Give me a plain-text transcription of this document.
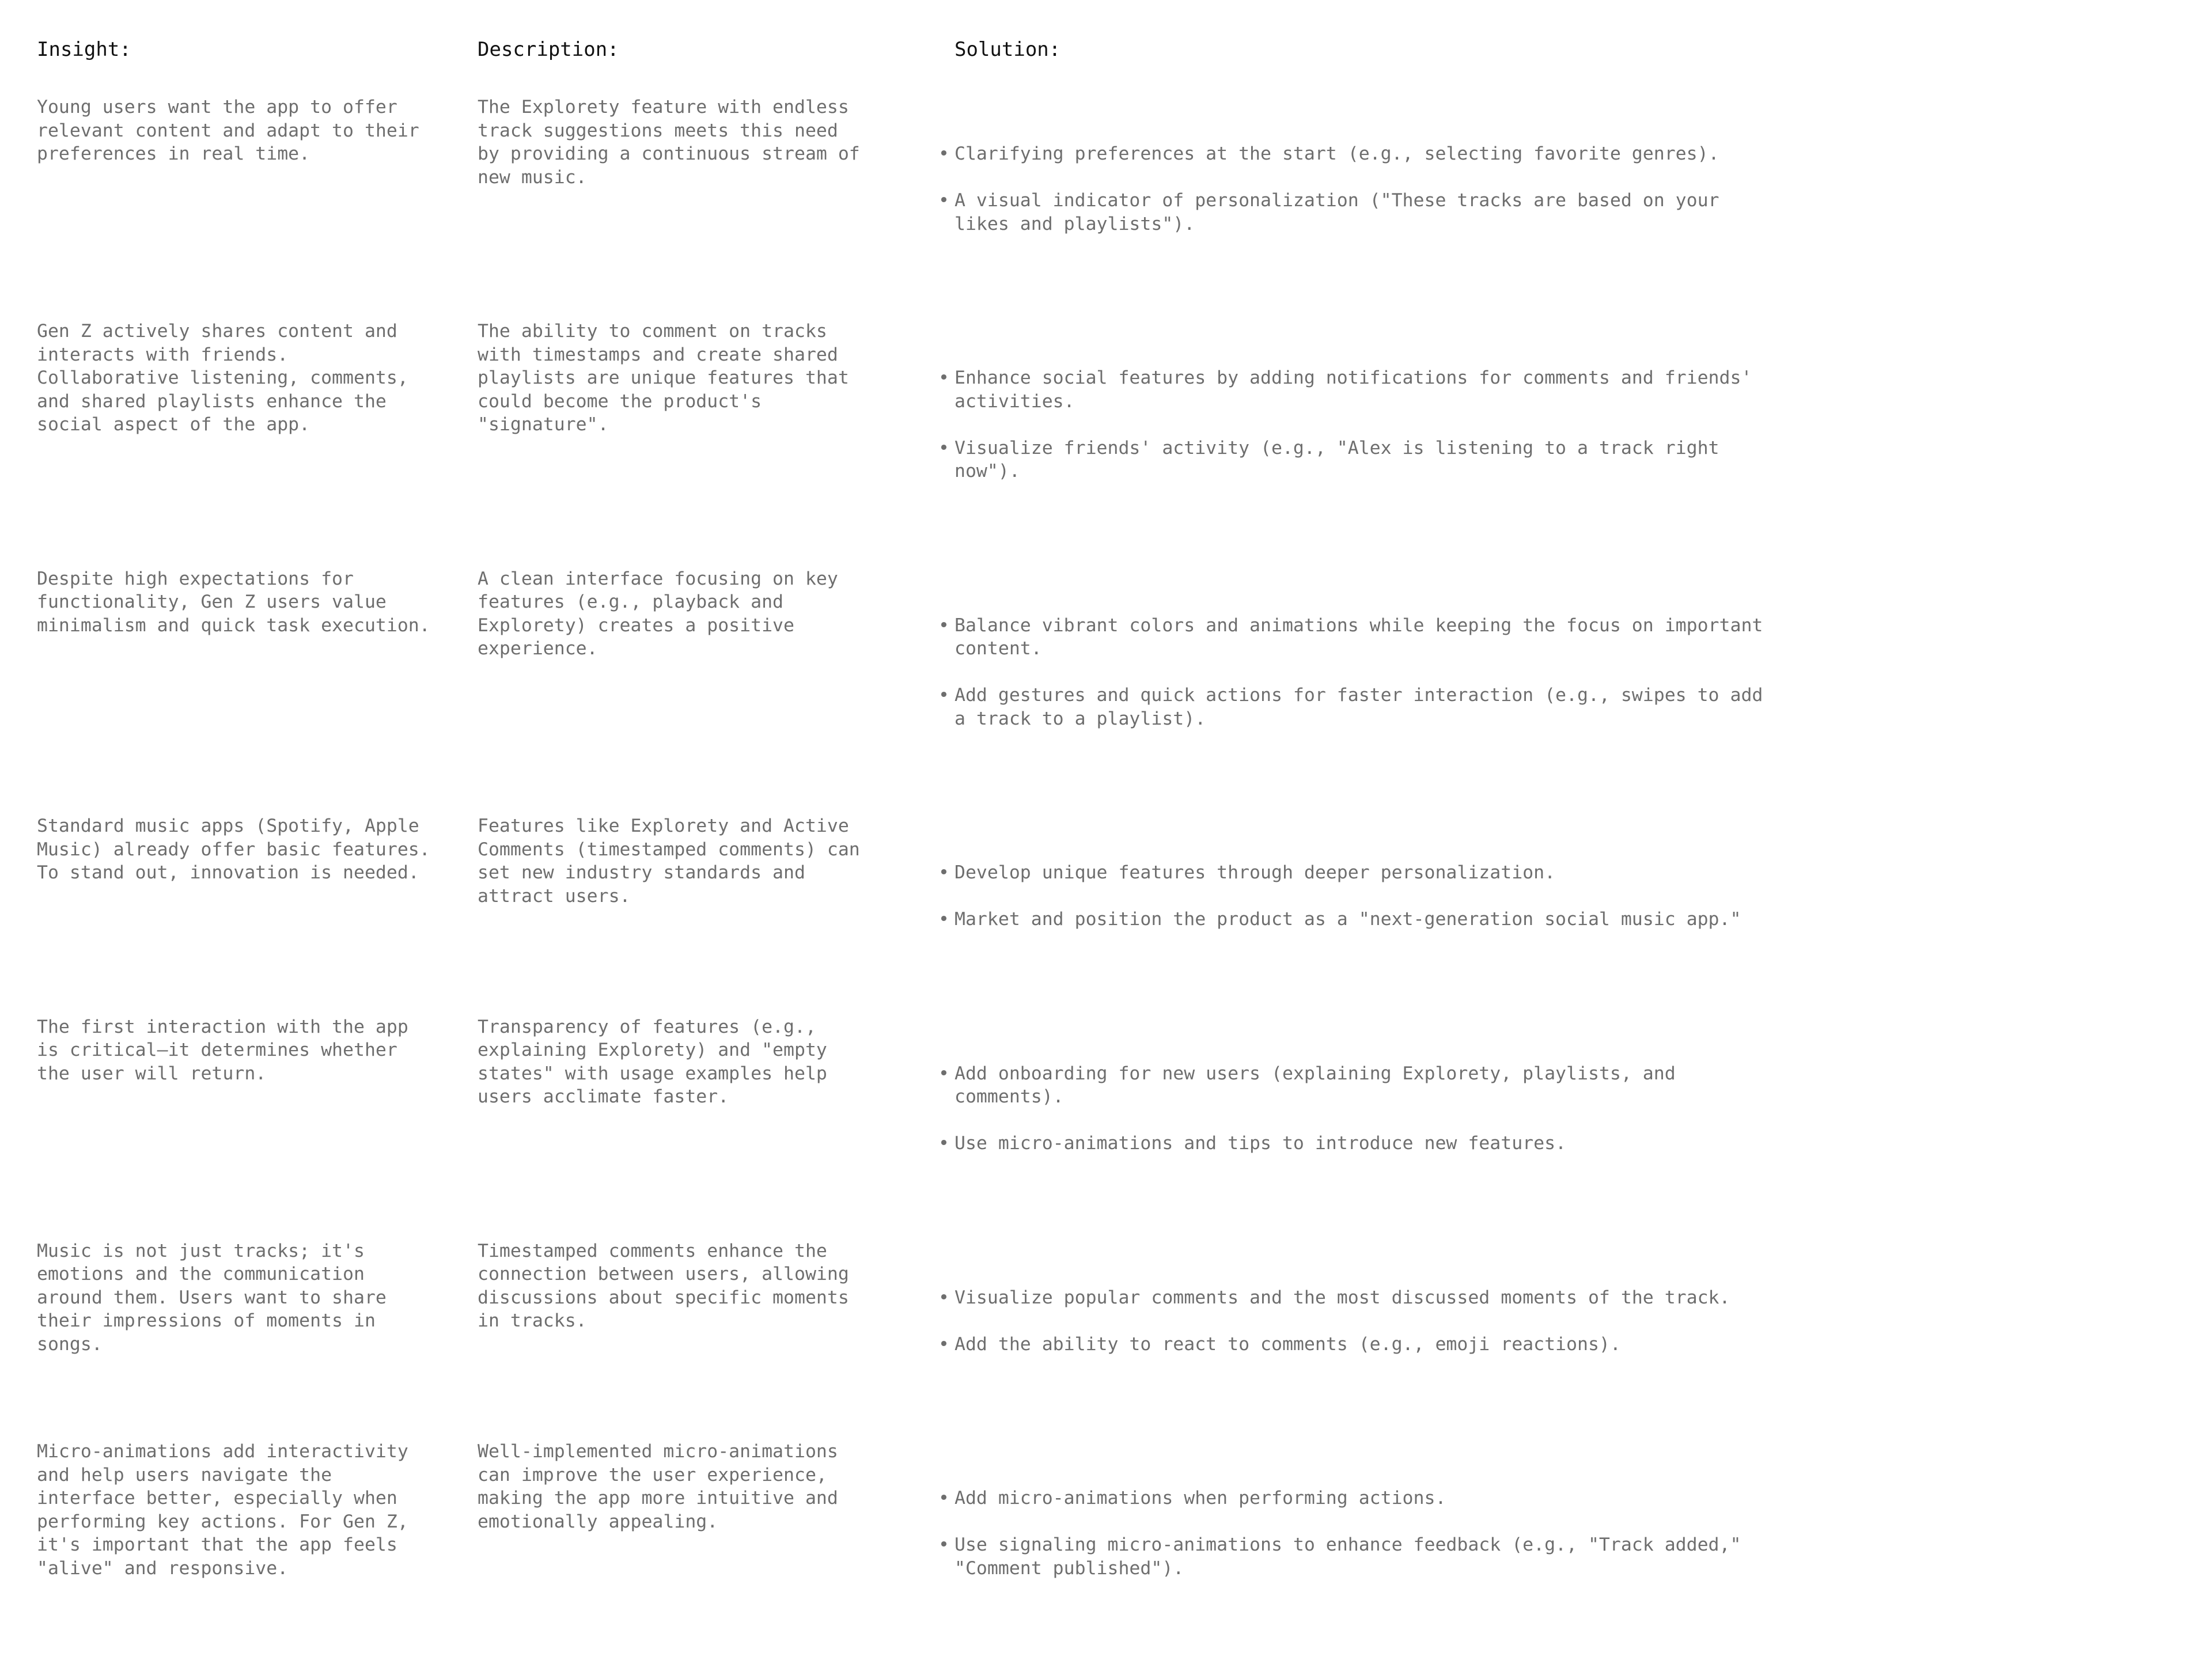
Insight:	Description:	Solution:
Young users want the app to offer
relevant content and adapt to their
preferences in real time.
The Explorety feature with endless
track suggestions meets this need
by providing a continuous stream of
new music.

• Clarifying preferences at the start (e.g., selecting favorite genres).

• A visual indicator of personalization ("These tracks are based on your
likes and playlists").

Gen Z actively shares content and
interacts with friends.
Collaborative listening, comments,
and shared playlists enhance the
social aspect of the app.
The ability to comment on tracks
with timestamps and create shared
playlists are unique features that
could become the product's
"signature".

• Enhance social features by adding notifications for comments and friends'
activities.

• Visualize friends' activity (e.g., "Alex is listening to a track right
now").

Despite high expectations for
functionality, Gen Z users value
minimalism and quick task execution.
A clean interface focusing on key
features (e.g., playback and
Explorety) creates a positive
experience.

• Balance vibrant colors and animations while keeping the focus on important
content.

• Add gestures and quick actions for faster interaction (e.g., swipes to add
a track to a playlist).

Standard music apps (Spotify, Apple
Music) already offer basic features.
To stand out, innovation is needed.
Features like Explorety and Active
Comments (timestamped comments) can
set new industry standards and
attract users.

• Develop unique features through deeper personalization.

• Market and position the product as a "next-generation social music app."

The first interaction with the app
is critical—it determines whether
the user will return.
Transparency of features (e.g.,
explaining Explorety) and "empty
states" with usage examples help
users acclimate faster.

• Add onboarding for new users (explaining Explorety, playlists, and
comments).

• Use micro-animations and tips to introduce new features.

Music is not just tracks; it's
emotions and the communication
around them. Users want to share
their impressions of moments in
songs.
Timestamped comments enhance the
connection between users, allowing
discussions about specific moments
in tracks.

• Visualize popular comments and the most discussed moments of the track.

• Add the ability to react to comments (e.g., emoji reactions).

Micro-animations add interactivity
and help users navigate the
interface better, especially when
performing key actions. For Gen Z,
it's important that the app feels
"alive" and responsive.
Well-implemented micro-animations
can improve the user experience,
making the app more intuitive and
emotionally appealing.

• Add micro-animations when performing actions.

• Use signaling micro-animations to enhance feedback (e.g., "Track added,"
"Comment published").
